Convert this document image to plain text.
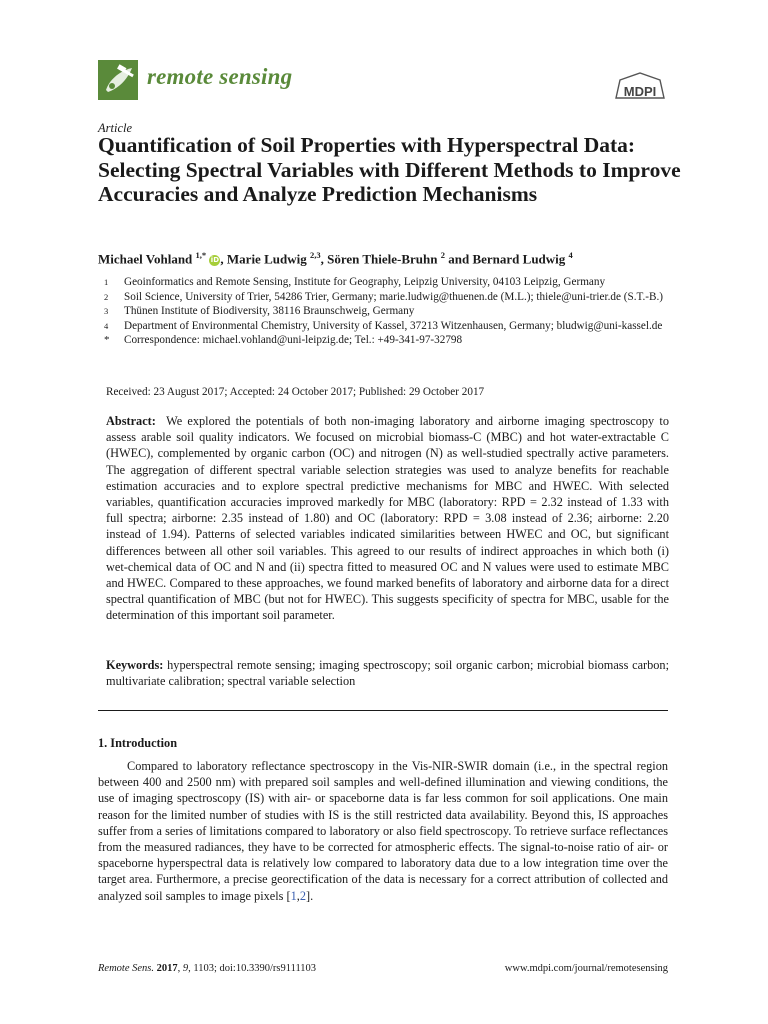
remote sensing
MDPI
Article
Quantification of Soil Properties with Hyperspectral Data: Selecting Spectral Variables with Different Methods to Improve Accuracies and Analyze Prediction Mechanisms
Michael Vohland $^{1,*}$ iD, Marie Ludwig $^{2,3}$, Sören Thiele-Bruhn $^2$ and Bernard Ludwig $^4$
1	Geoinformatics and Remote Sensing, Institute for Geography, Leipzig University, 04103 Leipzig, Germany
2	Soil Science, University of Trier, 54286 Trier, Germany; marie.ludwig@thuenen.de (M.L.); thiele@uni-trier.de (S.T.-B.)
3	Thünen Institute of Biodiversity, 38116 Braunschweig, Germany
4	Department of Environmental Chemistry, University of Kassel, 37213 Witzenhausen, Germany; bludwig@uni-kassel.de
*	Correspondence: michael.vohland@uni-leipzig.de; Tel.: +49-341-97-32798
Received: 23 August 2017; Accepted: 24 October 2017; Published: 29 October 2017
Abstract: We explored the potentials of both non-imaging laboratory and airborne imaging spectroscopy to assess arable soil quality indicators. We focused on microbial biomass-C (MBC) and hot water-extractable C (HWEC), complemented by organic carbon (OC) and nitrogen (N) as well-studied spectrally active parameters. The aggregation of different spectral variable selection strategies was used to analyze benefits for reachable estimation accuracies and to explore spectral predictive mechanisms for MBC and HWEC. With selected variables, quantification accuracies improved markedly for MBC (laboratory: RPD = 2.32 instead of 1.33 with full spectra; airborne: 2.35 instead of 1.80) and OC (laboratory: RPD = 3.08 instead of 2.36; airborne: 2.20 instead of 1.94). Patterns of selected variables indicated similarities between HWEC and OC, but significant differences between all other soil variables. This agreed to our results of indirect approaches in which both (i) wet-chemical data of OC and N and (ii) spectra fitted to measured OC and N values were used to estimate MBC and HWEC. Compared to these approaches, we found marked benefits of laboratory and airborne data for a direct spectral quantification of MBC (but not for HWEC). This suggests specificity of spectra for MBC, usable for the determination of this important soil parameter.
Keywords: hyperspectral remote sensing; imaging spectroscopy; soil organic carbon; microbial biomass carbon; multivariate calibration; spectral variable selection
1. Introduction
Compared to laboratory reflectance spectroscopy in the Vis-NIR-SWIR domain (i.e., in the spectral region between 400 and 2500 nm) with prepared soil samples and well-defined illumination and viewing conditions, the use of imaging spectroscopy (IS) with air- or spaceborne data is far less common for soil applications. One main reason for the limited number of studies with IS is the still restricted data availability. Beyond this, IS approaches suffer from a series of limitations compared to laboratory or also field spectroscopy. To retrieve surface reflectances from the measured radiances, they have to be corrected for atmospheric effects. The signal-to-noise ratio of air- or spaceborne hyperspectral data is relatively low compared to laboratory data due to a low integration time over the target area. Furthermore, a precise georectification of the data is necessary for a correct attribution of collected and analyzed soil samples to image pixels [1,2].
Remote Sens. 2017, 9, 1103; doi:10.3390/rs9111103	www.mdpi.com/journal/remotesensing
